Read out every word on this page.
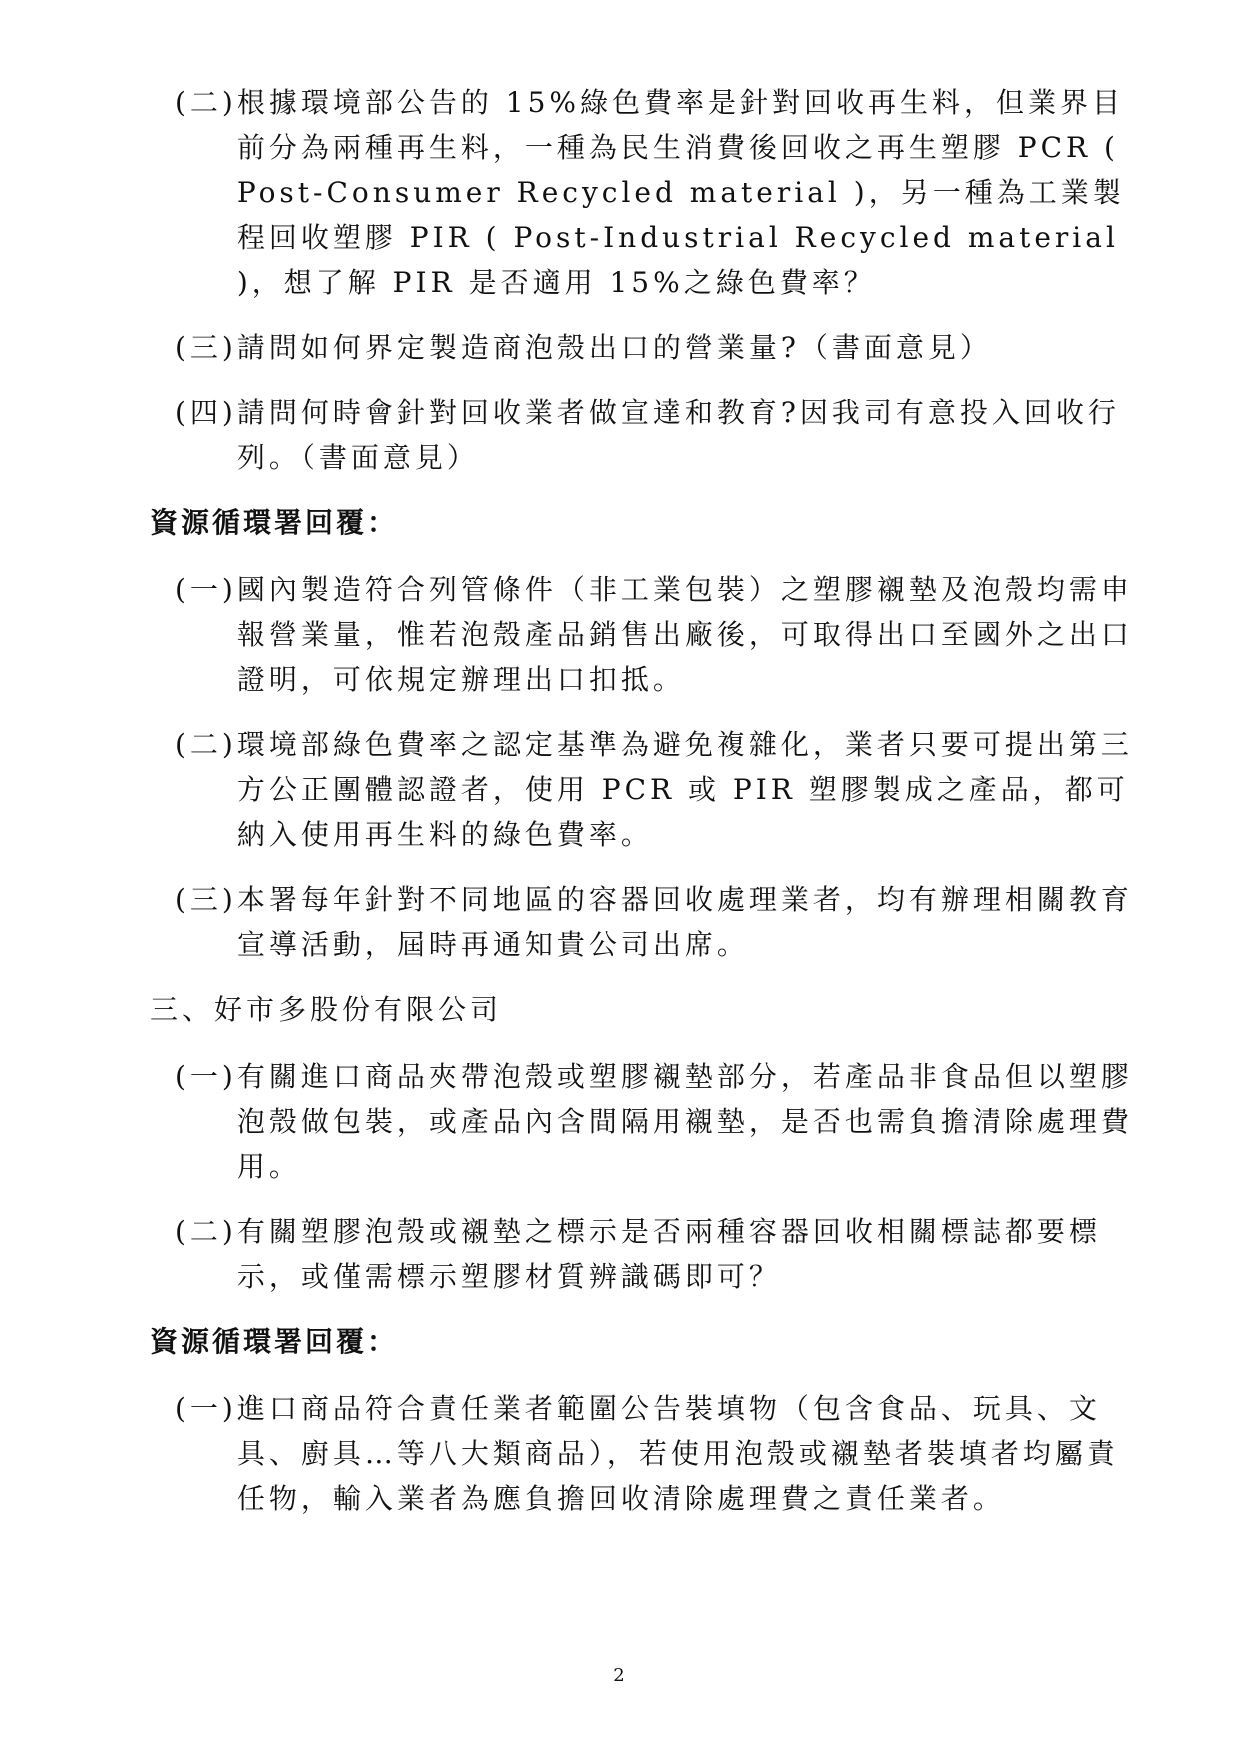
(二) 根據環境部公告的 15%綠色費率是針對回收再生料，但業界目前分為兩種再生料，一種為民生消費後回收之再生塑膠 PCR ( Post-Consumer Recycled material )，另一種為工業製程回收塑膠 PIR ( Post-Industrial Recycled material )，想了解 PIR 是否適用 15%之綠色費率？
(三) 請問如何界定製造商泡殼出口的營業量?（書面意見）
(四) 請問何時會針對回收業者做宣達和教育?因我司有意投入回收行列。（書面意見）
資源循環署回覆：
(一) 國內製造符合列管條件（非工業包裝）之塑膠襯墊及泡殼均需申報營業量，惟若泡殼產品銷售出廠後，可取得出口至國外之出口證明，可依規定辦理出口扣抵。
(二) 環境部綠色費率之認定基準為避免複雜化，業者只要可提出第三方公正團體認證者，使用 PCR 或 PIR 塑膠製成之產品，都可納入使用再生料的綠色費率。
(三) 本署每年針對不同地區的容器回收處理業者，均有辦理相關教育宣導活動，屆時再通知貴公司出席。
三、好市多股份有限公司
(一) 有關進口商品夾帶泡殼或塑膠襯墊部分，若產品非食品但以塑膠泡殼做包裝，或產品內含間隔用襯墊，是否也需負擔清除處理費用。
(二) 有關塑膠泡殼或襯墊之標示是否兩種容器回收相關標誌都要標示，或僅需標示塑膠材質辨識碼即可？
資源循環署回覆：
(一) 進口商品符合責任業者範圍公告裝填物（包含食品、玩具、文具、廚具…等八大類商品），若使用泡殼或襯墊者裝填者均屬責任物，輸入業者為應負擔回收清除處理費之責任業者。
2
